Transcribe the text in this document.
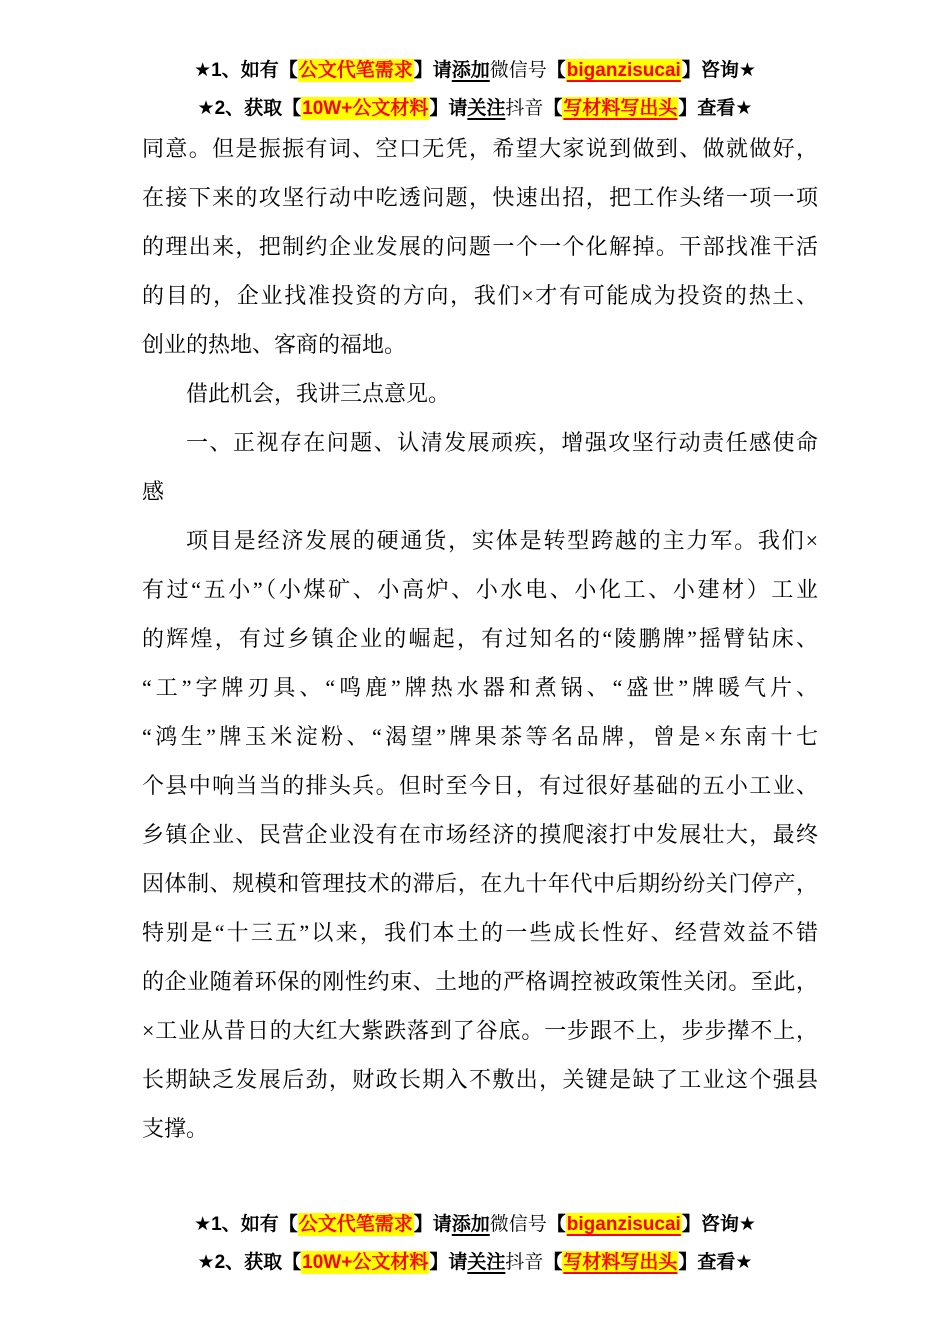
★1、如有【公文代笔需求】请添加微信号【biganzisucai】咨询★
★2、获取【10W+公文材料】请关注抖音【写材料写出头】查看★
同意。但是振振有词、空口无凭，希望大家说到做到、做就做好，
在接下来的攻坚行动中吃透问题，快速出招，把工作头绪一项一项
的理出来，把制约企业发展的问题一个一个化解掉。干部找准干活
的目的，企业找准投资的方向，我们×才有可能成为投资的热土、
创业的热地、客商的福地。
借此机会，我讲三点意见。
一、正视存在问题、认清发展顽疾，增强攻坚行动责任感使命
感
项目是经济发展的硬通货，实体是转型跨越的主力军。我们×
有过“五小”（小煤矿、小高炉、小水电、小化工、小建材）工业
的辉煌，有过乡镇企业的崛起，有过知名的“陵鹏牌”摇臂钻床、
“工”字牌刃具、“鸣鹿”牌热水器和煮锅、“盛世”牌暖气片、
“鸿生”牌玉米淀粉、“渴望”牌果茶等名品牌，曾是×东南十七
个县中响当当的排头兵。但时至今日，有过很好基础的五小工业、
乡镇企业、民营企业没有在市场经济的摸爬滚打中发展壮大，最终
因体制、规模和管理技术的滞后，在九十年代中后期纷纷关门停产，
特别是“十三五”以来，我们本土的一些成长性好、经营效益不错
的企业随着环保的刚性约束、土地的严格调控被政策性关闭。至此，
×工业从昔日的大红大紫跌落到了谷底。一步跟不上，步步撵不上，
长期缺乏发展后劲，财政长期入不敷出，关键是缺了工业这个强县
支撑。
★1、如有【公文代笔需求】请添加微信号【biganzisucai】咨询★
★2、获取【10W+公文材料】请关注抖音【写材料写出头】查看★
